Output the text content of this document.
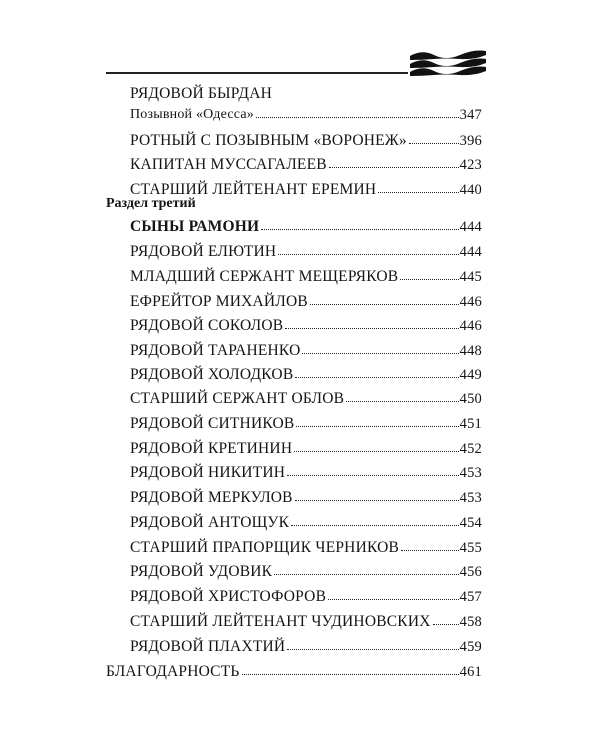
РЯДОВОЙ БЫРДАН
Позывной «Одесса»	347
РОТНЫЙ С ПОЗЫВНЫМ «ВОРОНЕЖ»	396
КАПИТАН МУССАГАЛЕЕВ	423
СТАРШИЙ ЛЕЙТЕНАНТ ЕРЕМИН	440
Раздел третий
СЫНЫ РАМОНИ	444
РЯДОВОЙ ЕЛЮТИН	444
МЛАДШИЙ СЕРЖАНТ МЕЩЕРЯКОВ	445
ЕФРЕЙТОР МИХАЙЛОВ	446
РЯДОВОЙ СОКОЛОВ	446
РЯДОВОЙ ТАРАНЕНКО	448
РЯДОВОЙ ХОЛОДКОВ	449
СТАРШИЙ СЕРЖАНТ ОБЛОВ	450
РЯДОВОЙ СИТНИКОВ	451
РЯДОВОЙ КРЕТИНИН	452
РЯДОВОЙ НИКИТИН	453
РЯДОВОЙ МЕРКУЛОВ	453
РЯДОВОЙ АНТОЩУК	454
СТАРШИЙ ПРАПОРЩИК ЧЕРНИКОВ	455
РЯДОВОЙ УДОВИК	456
РЯДОВОЙ ХРИСТОФОРОВ	457
СТАРШИЙ ЛЕЙТЕНАНТ ЧУДИНОВСКИХ 458
РЯДОВОЙ ПЛАХТИЙ	459
БЛАГОДАРНОСТЬ	461
